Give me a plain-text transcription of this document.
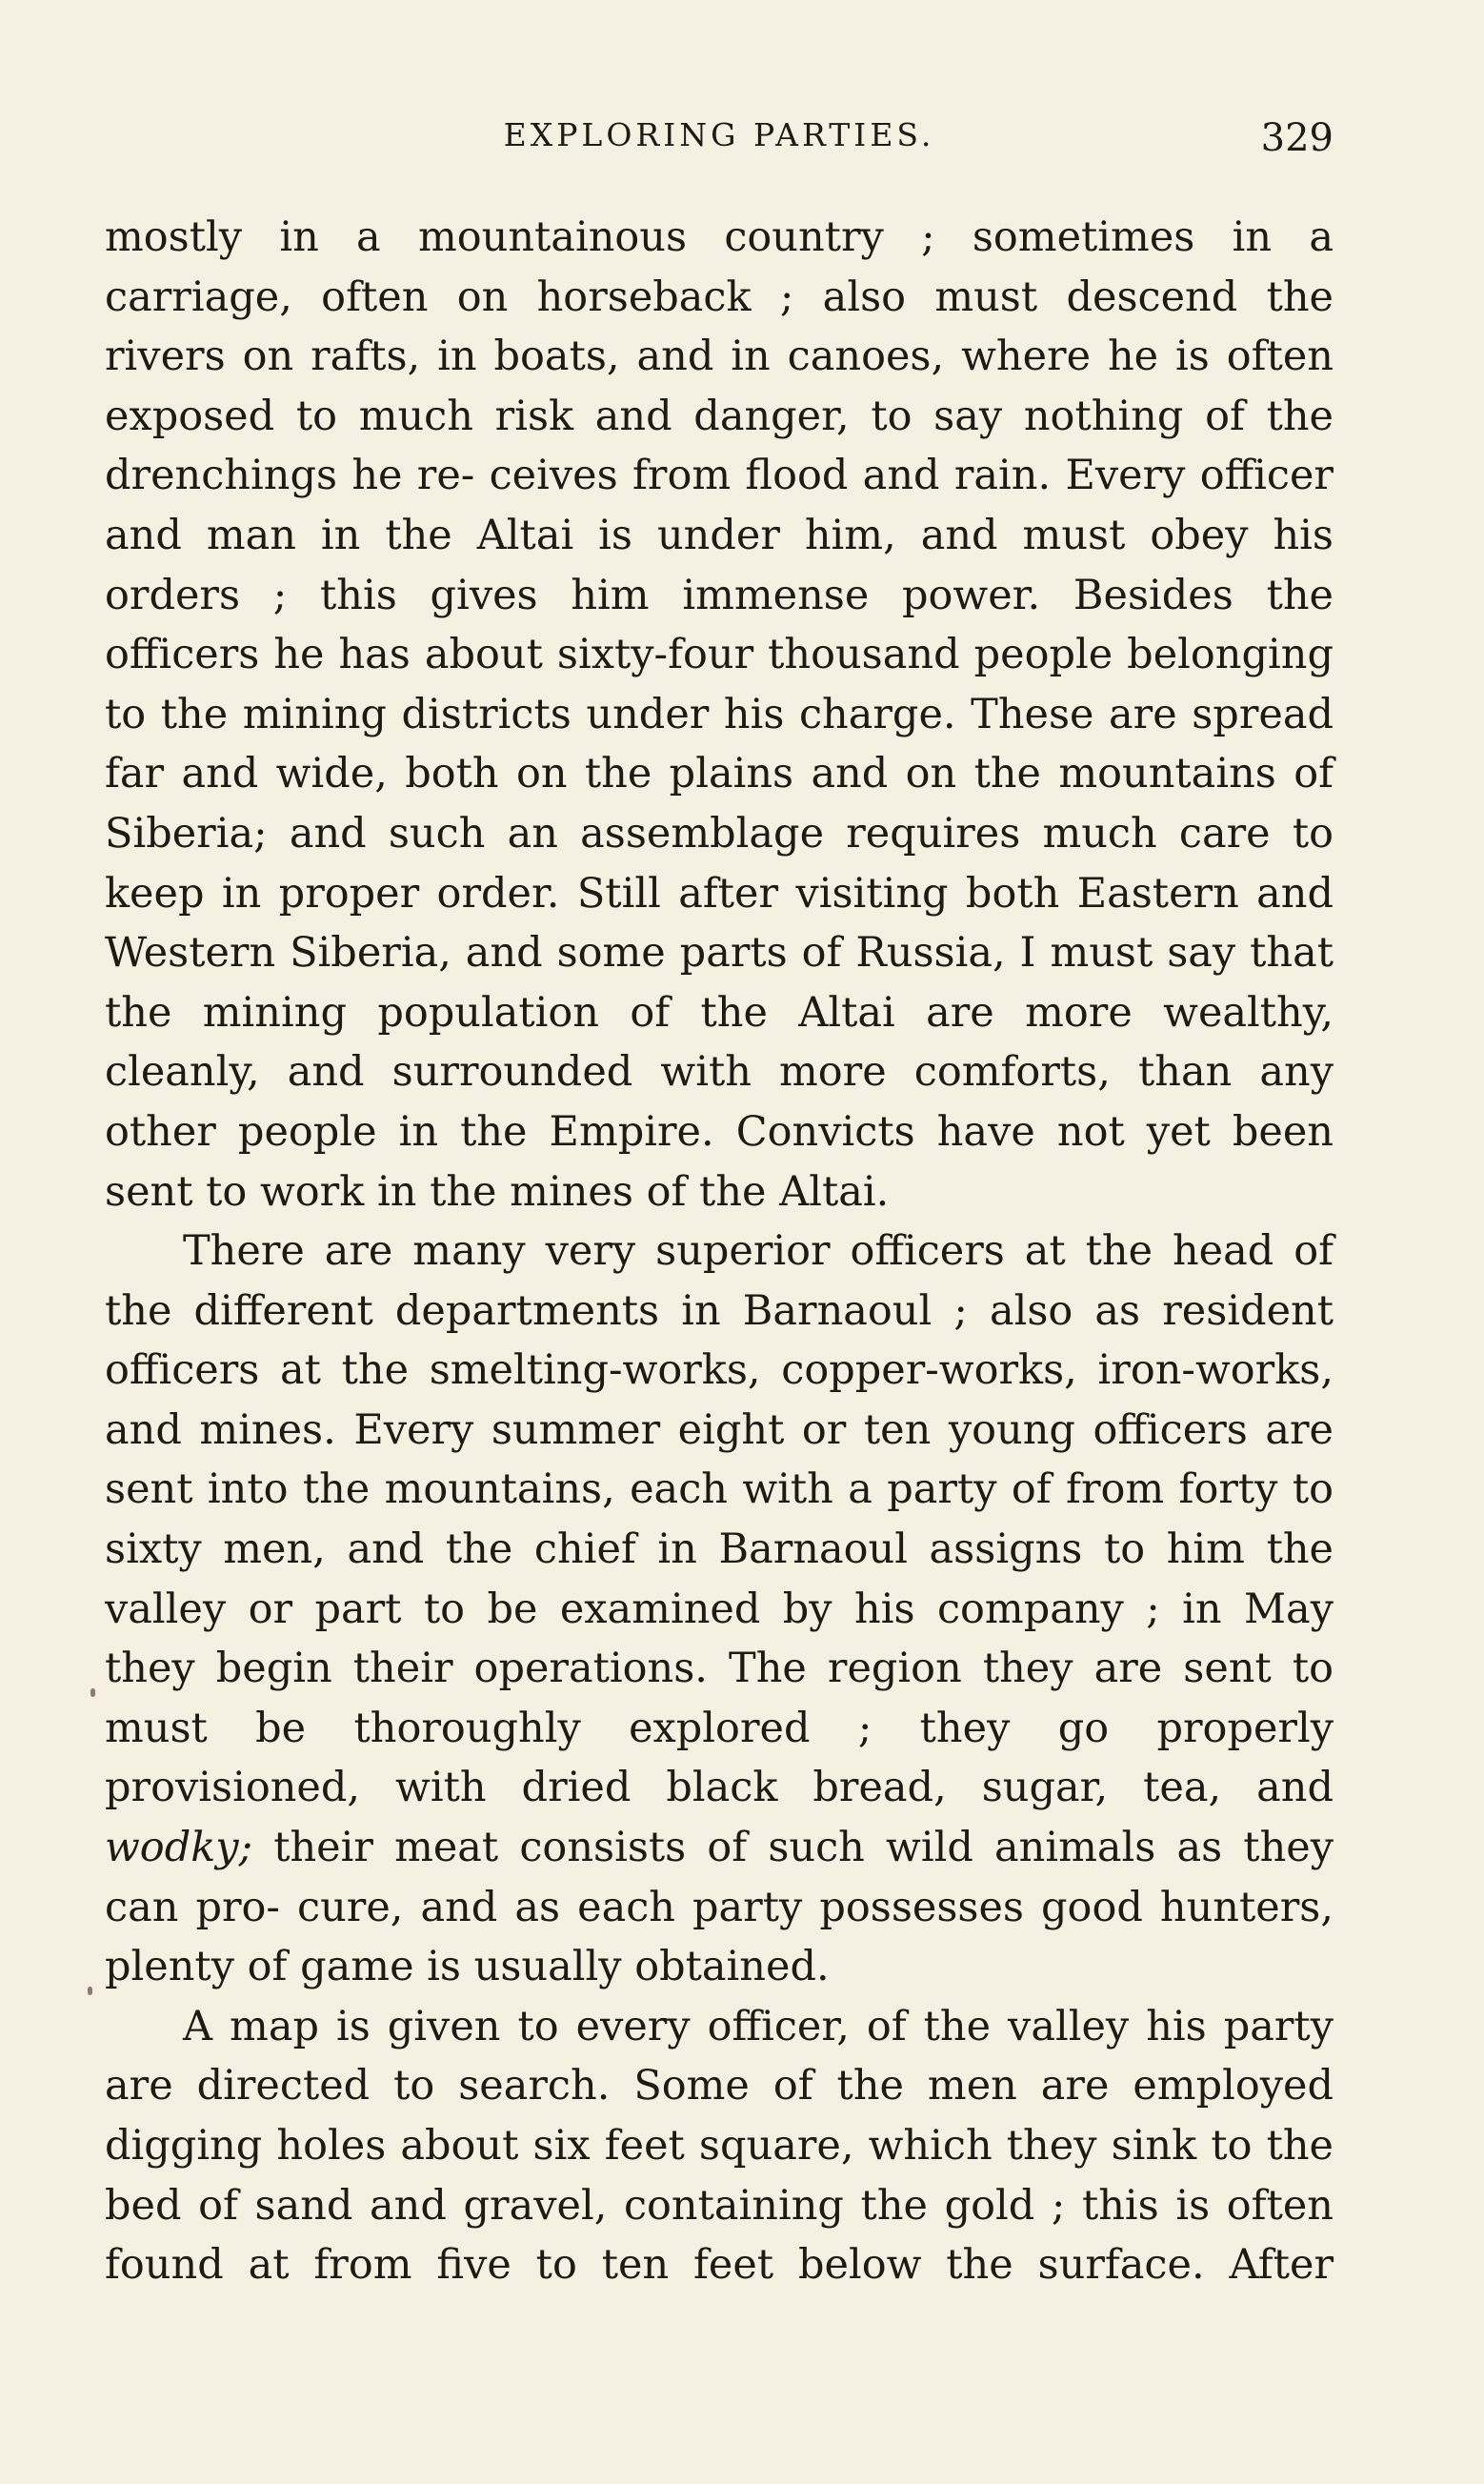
EXPLORING PARTIES.	329

mostly in a mountainous country ; sometimes in a carriage, often on horseback ; also must descend the rivers on rafts, in boats, and in canoes, where he is often exposed to much risk and danger, to say nothing of the drenchings he re- ceives from flood and rain. Every officer and man in the Altai is under him, and must obey his orders ; this gives him immense power. Besides the officers he has about sixty-four thousand people belonging to the mining districts under his charge. These are spread far and wide, both on the plains and on the mountains of Siberia; and such an assemblage requires much care to keep in proper order. Still after visiting both Eastern and Western Siberia, and some parts of Russia, I must say that the mining population of the Altai are more wealthy, cleanly, and surrounded with more comforts, than any other people in the Empire. Convicts have not yet been sent to work in the mines of the Altai.

There are many very superior officers at the head of the different departments in Barnaoul ; also as resident officers at the smelting-works, copper-works, iron-works, and mines. Every summer eight or ten young officers are sent into the mountains, each with a party of from forty to sixty men, and the chief in Barnaoul assigns to him the valley or part to be examined by his company ; in May they begin their operations. The region they are sent to must be thoroughly explored ; they go properly provisioned, with dried black bread, sugar, tea, and wodky; their meat consists of such wild animals as they can pro- cure, and as each party possesses good hunters, plenty of game is usually obtained.

A map is given to every officer, of the valley his party are directed to search. Some of the men are employed digging holes about six feet square, which they sink to the bed of sand and gravel, containing the gold ; this is often found at from five to ten feet below the surface. After
